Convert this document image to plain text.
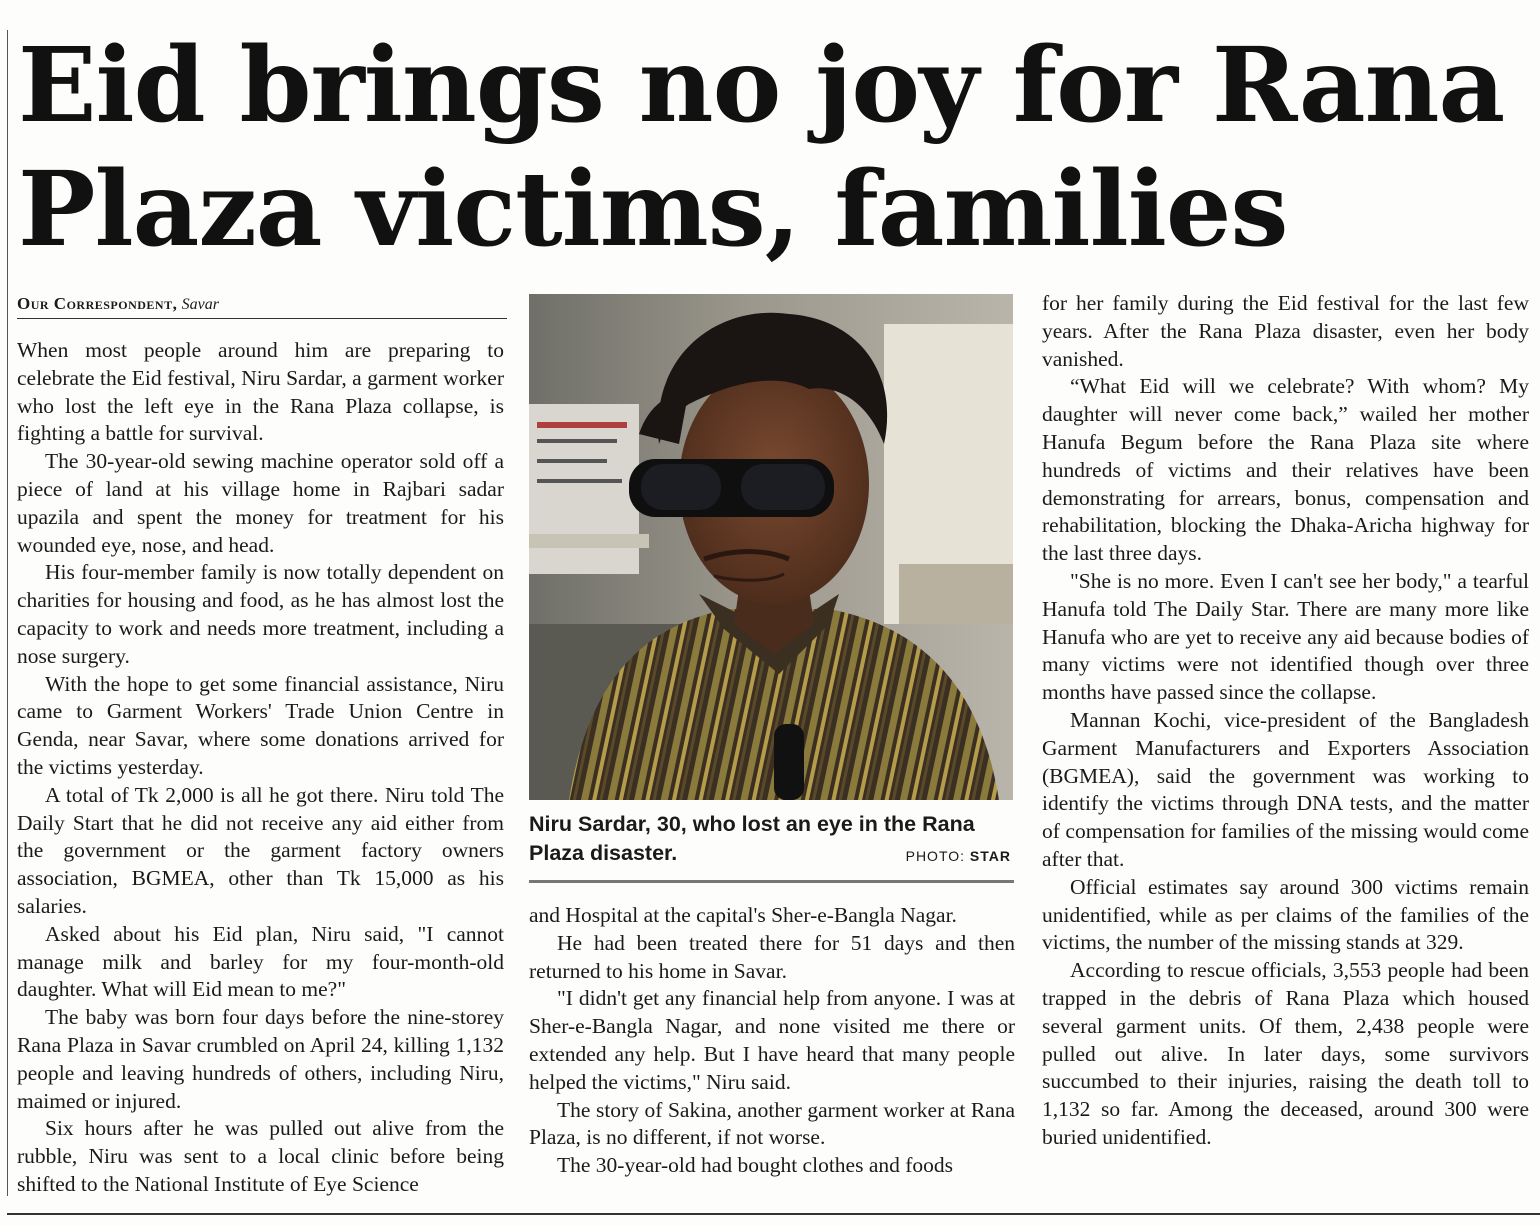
Eid brings no joy for Rana Plaza victims, families
Our Correspondent, Savar

When most people around him are preparing to celebrate the Eid festival, Niru Sardar, a garment worker who lost the left eye in the Rana Plaza collapse, is fighting a battle for survival.

The 30-year-old sewing machine operator sold off a piece of land at his village home in Rajbari sadar upazila and spent the money for treatment for his wounded eye, nose, and head.

His four-member family is now totally dependent on charities for housing and food, as he has almost lost the capacity to work and needs more treatment, including a nose surgery.

With the hope to get some financial assistance, Niru came to Garment Workers' Trade Union Centre in Genda, near Savar, where some donations arrived for the victims yesterday.

A total of Tk 2,000 is all he got there. Niru told The Daily Start that he did not receive any aid either from the government or the garment factory owners association, BGMEA, other than Tk 15,000 as his salaries.

Asked about his Eid plan, Niru said, "I cannot manage milk and barley for my four-month-old daughter. What will Eid mean to me?"

The baby was born four days before the nine-storey Rana Plaza in Savar crumbled on April 24, killing 1,132 people and leaving hundreds of others, including Niru, maimed or injured.

Six hours after he was pulled out alive from the rubble, Niru was sent to a local clinic before being shifted to the National Institute of Eye Science

Niru Sardar, 30, who lost an eye in the Rana Plaza disaster.	PHOTO: STAR

and Hospital at the capital's Sher-e-Bangla Nagar.

He had been treated there for 51 days and then returned to his home in Savar.

"I didn't get any financial help from anyone. I was at Sher-e-Bangla Nagar, and none visited me there or extended any help. But I have heard that many people helped the victims," Niru said.

The story of Sakina, another garment worker at Rana Plaza, is no different, if not worse.

The 30-year-old had bought clothes and foods

for her family during the Eid festival for the last few years. After the Rana Plaza disaster, even her body vanished.

“What Eid will we celebrate? With whom? My daughter will never come back,” wailed her mother Hanufa Begum before the Rana Plaza site where hundreds of victims and their relatives have been demonstrating for arrears, bonus, compensation and rehabilitation, blocking the Dhaka-Aricha highway for the last three days.

"She is no more. Even I can't see her body," a tearful Hanufa told The Daily Star. There are many more like Hanufa who are yet to receive any aid because bodies of many victims were not identified though over three months have passed since the collapse.

Mannan Kochi, vice-president of the Bangladesh Garment Manufacturers and Exporters Association (BGMEA), said the government was working to identify the victims through DNA tests, and the matter of compensation for families of the missing would come after that.

Official estimates say around 300 victims remain unidentified, while as per claims of the families of the victims, the number of the missing stands at 329.

According to rescue officials, 3,553 people had been trapped in the debris of Rana Plaza which housed several garment units. Of them, 2,438 people were pulled out alive. In later days, some survivors succumbed to their injuries, raising the death toll to 1,132 so far. Among the deceased, around 300 were buried unidentified.
